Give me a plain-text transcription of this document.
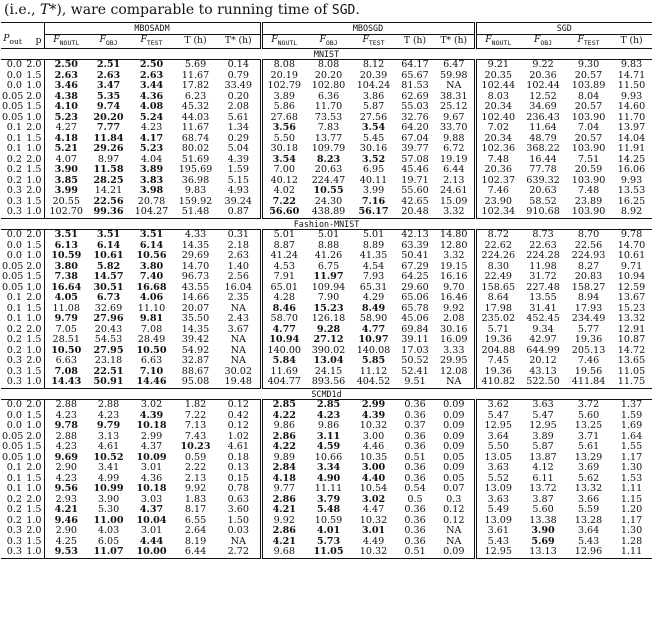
(i.e., T*), ware comparable to running time of SGD.
		MBOSADM					MBOSGD					SGD			
$P_{out}$	p	$F_{NOUTL}$	$F_{OBJ}$	$F_{TEST}$	T (h)	T* (h)	$F_{NOUTL}$	$F_{OBJ}$	$F_{TEST}$	T (h)	T* (h)	$F_{NOUTL}$	$F_{OBJ}$	$F_{TEST}$	T (h)
MNIST															
0.0	2.0	2.50	2.51	2.50	5.69	0.14	8.08	8.08	8.12	64.17	6.47	9.21	9.22	9.30	9.83
0.0	1.5	2.63	2.63	2.63	11.67	0.79	20.19	20.20	20.39	65.67	59.98	20.35	20.36	20.57	14.71
0.0	1.0	3.46	3.47	3.44	17.82	33.49	102.79	102.80	104.24	81.53	NA	102.44	102.44	103.89	11.50
0.05	2.0	4.38	5.35	4.36	6.23	0.20	3.89	6.36	3.86	62.69	38.31	8.03	12.52	8.04	9.93
0.05	1.5	4.10	9.74	4.08	45.32	2.08	5.86	11.70	5.87	55.03	25.12	20.34	34.69	20.57	14.60
0.05	1.0	5.23	20.20	5.24	44.03	5.61	27.68	73.53	27.56	32.76	9.67	102.40	236.43	103.90	11.70
0.1	2.0	4.27	7.77	4.23	11.67	1.34	3.56	7.83	3.54	64.20	33.70	7.02	11.64	7.04	13.97
0.1	1.5	4.18	11.84	4.17	68.74	0.29	5.50	13.77	5.45	67.04	9.88	20.34	48.79	20.57	14.04
0.1	1.0	5.21	29.26	5.23	80.02	5.04	30.18	109.79	30.16	39.77	6.72	102.36	368.22	103.90	11.91
0.2	2.0	4.07	8.97	4.04	51.69	4.39	3.54	8.23	3.52	57.08	19.19	7.48	16.44	7.51	14.25
0.2	1.5	3.90	11.58	3.89	195.69	1.59	7.00	20.63	6.95	45.46	6.44	20.36	77.78	20.59	16.06
0.2	1.0	3.85	28.25	3.83	36.98	5.15	40.12	224.47	40.11	19.71	2.13	102.37	639.32	103.90	9.93
0.3	2.0	3.99	14.21	3.98	9.83	4.93	4.02	10.55	3.99	55.60	24.61	7.46	20.63	7.48	13.53
0.3	1.5	20.55	22.56	20.78	159.92	39.24	7.22	24.30	7.16	42.65	15.09	23.90	58.52	23.89	16.25
0.3	1.0	102.70	99.36	104.27	51.48	0.87	56.60	438.89	56.17	20.48	3.32	102.34	910.68	103.90	8.92
Fashion-MNIST															
0.0	2.0	3.51	3.51	3.51	4.33	0.31	5.01	5.01	5.01	42.13	14.80	8.72	8.73	8.70	9.78
0.0	1.5	6.13	6.14	6.14	14.35	2.18	8.87	8.88	8.89	63.39	12.80	22.62	22.63	22.56	14.70
0.0	1.0	10.59	10.61	10.56	29.69	2.63	41.24	41.26	41.35	50.41	3.32	224.26	224.28	224.93	10.61
0.05	2.0	3.80	5.82	3.80	14.70	1.40	4.53	6.75	4.54	67.29	19.15	8.30	11.98	8.27	9.71
0.05	1.5	7.38	14.57	7.40	96.73	2.56	7.91	11.97	7.93	64.25	16.16	22.49	31.72	20.83	10.94
0.05	1.0	16.64	30.51	16.68	43.55	16.04	65.01	109.94	65.31	29.60	9.70	158.65	227.48	158.27	12.59
0.1	2.0	4.05	6.73	4.06	14.66	2.35	4.28	7.90	4.29	65.06	16.46	8.64	13.55	8.94	13.67
0.1	1.5	11.08	32.69	11.10	20.07	NA	8.46	15.23	8.49	65.78	9.92	17.98	31.41	17.93	15.23
0.1	1.0	9.79	27.96	9.81	35.50	2.43	58.70	126.18	58.90	45.06	2.08	235.02	452.45	234.49	13.32
0.2	2.0	7.05	20.43	7.08	14.35	3.67	4.77	9.28	4.77	69.84	30.16	5.71	9.34	5.77	12.91
0.2	1.5	28.51	54.53	28.49	39.42	NA	10.94	27.12	10.97	39.11	16.09	19.36	42.97	19.36	10.87
0.2	1.0	10.50	27.95	10.50	54.92	NA	140.00	390.02	140.08	17.03	3.33	204.88	644.99	205.13	14.72
0.3	2.0	6.63	23.18	6.63	32.87	NA	5.84	13.04	5.85	50.52	29.95	7.45	20.12	7.46	13.65
0.3	1.5	7.08	22.51	7.10	88.67	30.02	11.69	24.15	11.12	52.41	12.08	19.36	43.13	19.56	11.05
0.3	1.0	14.43	50.91	14.46	95.08	19.48	404.77	893.56	404.52	9.51	NA	410.82	522.50	411.84	11.75
SCMD1d															
0.0	2.0	2.88	2.88	3.02	1.82	0.12	2.85	2.85	2.99	0.36	0.09	3.62	3.63	3.72	1.37
0.0	1.5	4.23	4.23	4.39	7.22	0.42	4.22	4.23	4.39	0.36	0.09	5.47	5.47	5.60	1.59
0.0	1.0	9.78	9.79	10.18	7.13	0.12	9.86	9.86	10.32	0.37	0.09	12.95	12.95	13.25	1.69
0.05	2.0	2.88	3.13	2.99	7.43	1.02	2.86	3.11	3.00	0.36	0.09	3.64	3.89	3.71	1.64
0.05	1.5	4.23	4.61	4.37	10.23	4.61	4.22	4.59	4.46	0.36	0.09	5.50	5.87	5.61	1.55
0.05	1.0	9.69	10.52	10.09	0.59	0.18	9.89	10.66	10.35	0.51	0.05	13.05	13.87	13.29	1.17
0.1	2.0	2.90	3.41	3.01	2.22	0.13	2.84	3.34	3.00	0.36	0.09	3.63	4.12	3.69	1.30
0.1	1.5	4.23	4.99	4.36	2.13	0.15	4.18	4.90	4.40	0.36	0.05	5.52	6.11	5.62	1.53
0.1	1.0	9.56	10.99	10.18	9.92	0.78	9.77	11.11	10.54	0.54	0.07	13.09	13.72	13.32	1.11
0.2	2.0	2.93	3.90	3.03	1.83	0.63	2.86	3.79	3.02	0.5	0.3	3.63	3.87	3.66	1.15
0.2	1.5	4.21	5.30	4.37	8.17	3.60	4.21	5.48	4.47	0.36	0.12	5.49	5.60	5.59	1.20
0.2	1.0	9.46	11.00	10.04	6.55	1.50	9.92	10.59	10.32	0.36	0.12	13.09	13.38	13.28	1.17
0.3	2.0	2.90	4.03	3.01	2.64	0.03	2.86	4.01	3.01	0.36	NA	3.61	3.90	3.64	1.30
0.3	1.5	4.25	6.05	4.44	8.19	NA	4.21	5.73	4.49	0.36	NA	5.43	5.69	5.43	1.28
0.3	1.0	9.53	11.07	10.00	6.44	2.72	9.68	11.05	10.32	0.51	0.09	12.95	13.13	12.96	1.11
